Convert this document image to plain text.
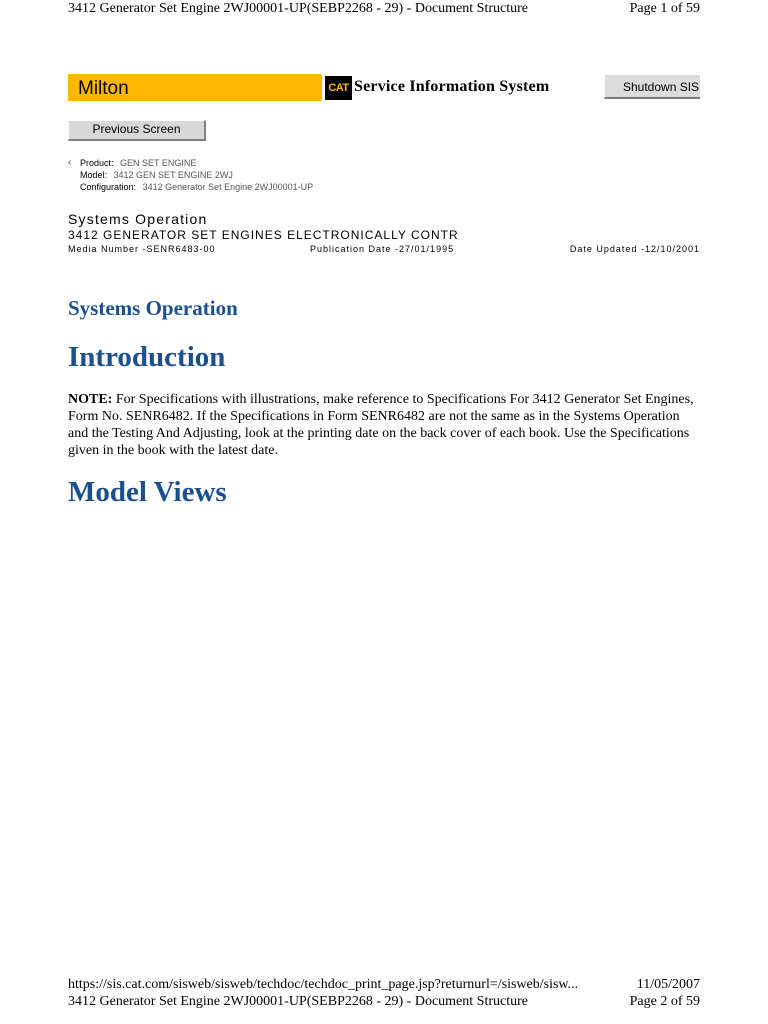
3412 Generator Set Engine 2WJ00001-UP(SEBP2268 - 29) - Document Structure	Page 1 of 59
Milton	CAT Service Information System	Shutdown SIS
Previous Screen
‹ Product: GEN SET ENGINE
Model: 3412 GEN SET ENGINE 2WJ
Configuration: 3412 Generator Set Engine 2WJ00001-UP
Systems Operation
3412 GENERATOR SET ENGINES ELECTRONICALLY CONTR
Media Number -SENR6483-00	Publication Date -27/01/1995	Date Updated -12/10/2001
Systems Operation
Introduction
NOTE: For Specifications with illustrations, make reference to Specifications For 3412 Generator Set Engines, Form No. SENR6482. If the Specifications in Form SENR6482 are not the same as in the Systems Operation and the Testing And Adjusting, look at the printing date on the back cover of each book. Use the Specifications given in the book with the latest date.
Model Views
https://sis.cat.com/sisweb/sisweb/techdoc/techdoc_print_page.jsp?returnurl=/sisweb/sisw...	11/05/2007
3412 Generator Set Engine 2WJ00001-UP(SEBP2268 - 29) - Document Structure	Page 2 of 59
